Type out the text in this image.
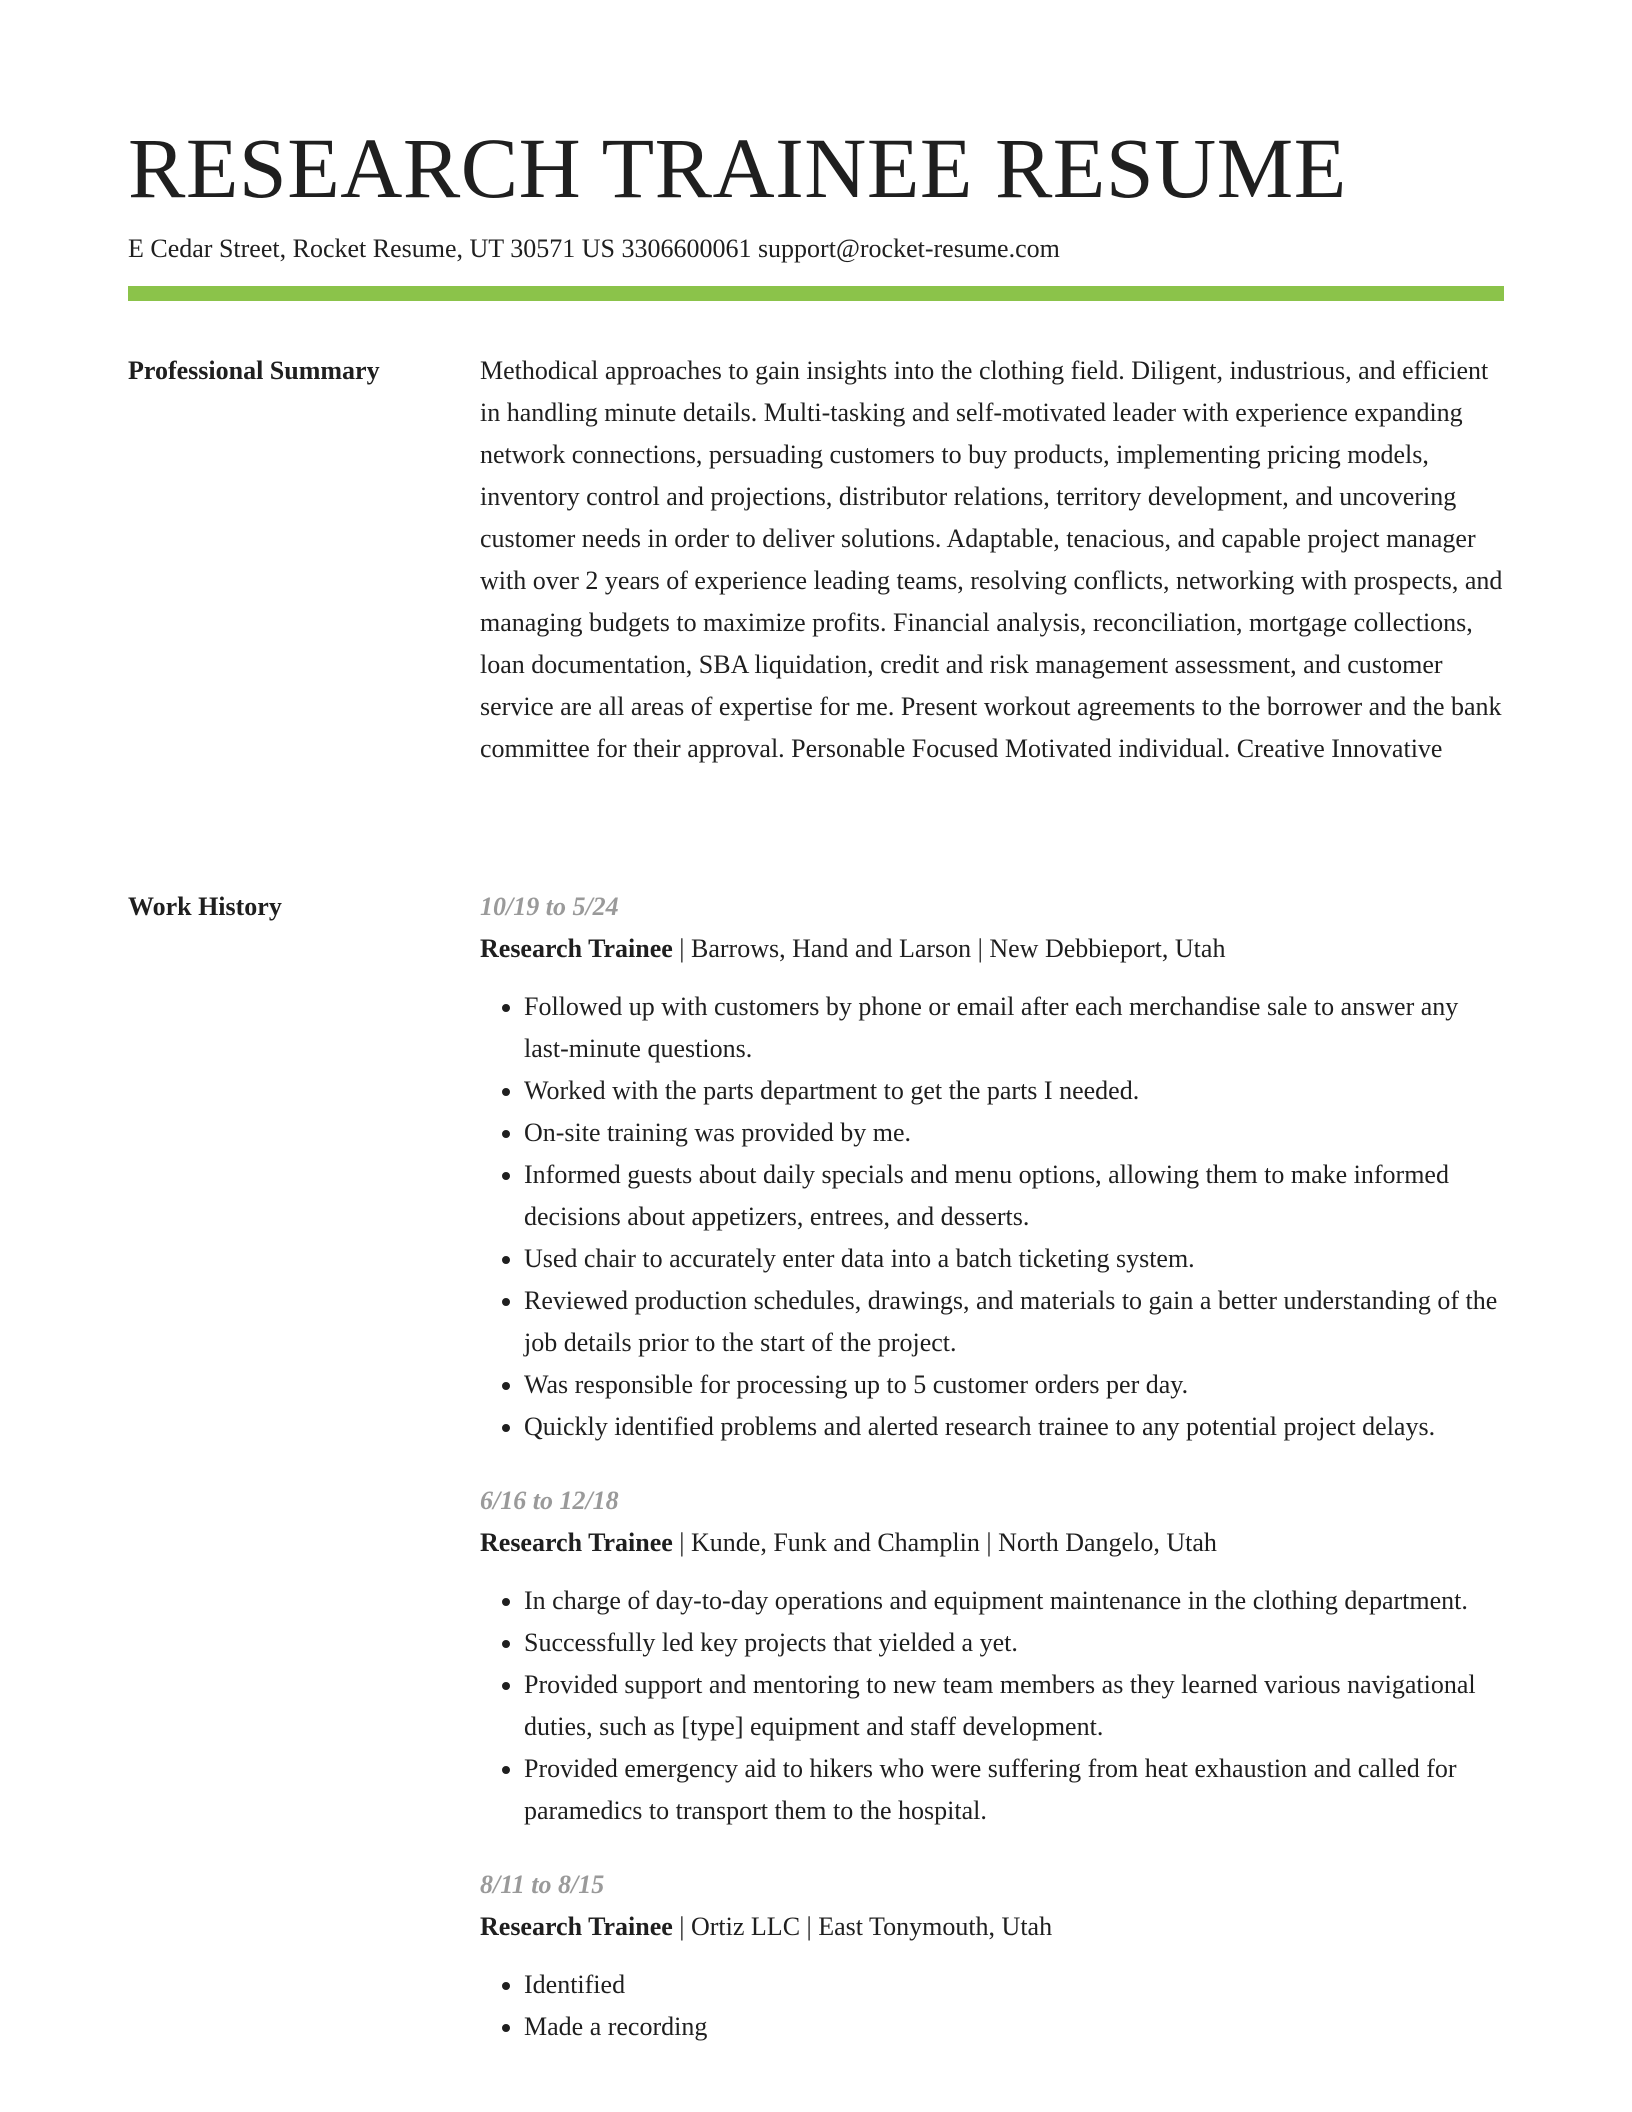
RESEARCH TRAINEE RESUME
E Cedar Street, Rocket Resume, UT 30571 US 3306600061 support@rocket-resume.com
Professional Summary	Methodical approaches to gain insights into the clothing field. Diligent, industrious, and efficient in handling minute details. Multi-tasking and self-motivated leader with experience expanding network connections, persuading customers to buy products, implementing pricing models, inventory control and projections, distributor relations, territory development, and uncovering customer needs in order to deliver solutions. Adaptable, tenacious, and capable project manager with over 2 years of experience leading teams, resolving conflicts, networking with prospects, and managing budgets to maximize profits. Financial analysis, reconciliation, mortgage collections, loan documentation, SBA liquidation, credit and risk management assessment, and customer service are all areas of expertise for me. Present workout agreements to the borrower and the bank committee for their approval. Personable Focused Motivated individual. Creative Innovative

Work History	10/19 to 5/24
Research Trainee | Barrows, Hand and Larson | New Debbieport, Utah
• Followed up with customers by phone or email after each merchandise sale to answer any last-minute questions.
• Worked with the parts department to get the parts I needed.
• On-site training was provided by me.
• Informed guests about daily specials and menu options, allowing them to make informed decisions about appetizers, entrees, and desserts.
• Used chair to accurately enter data into a batch ticketing system.
• Reviewed production schedules, drawings, and materials to gain a better understanding of the job details prior to the start of the project.
• Was responsible for processing up to 5 customer orders per day.
• Quickly identified problems and alerted research trainee to any potential project delays.
6/16 to 12/18
Research Trainee | Kunde, Funk and Champlin | North Dangelo, Utah
• In charge of day-to-day operations and equipment maintenance in the clothing department.
• Successfully led key projects that yielded a yet.
• Provided support and mentoring to new team members as they learned various navigational duties, such as [type] equipment and staff development.
• Provided emergency aid to hikers who were suffering from heat exhaustion and called for paramedics to transport them to the hospital.
8/11 to 8/15
Research Trainee | Ortiz LLC | East Tonymouth, Utah
• Identified
• Made a recording
